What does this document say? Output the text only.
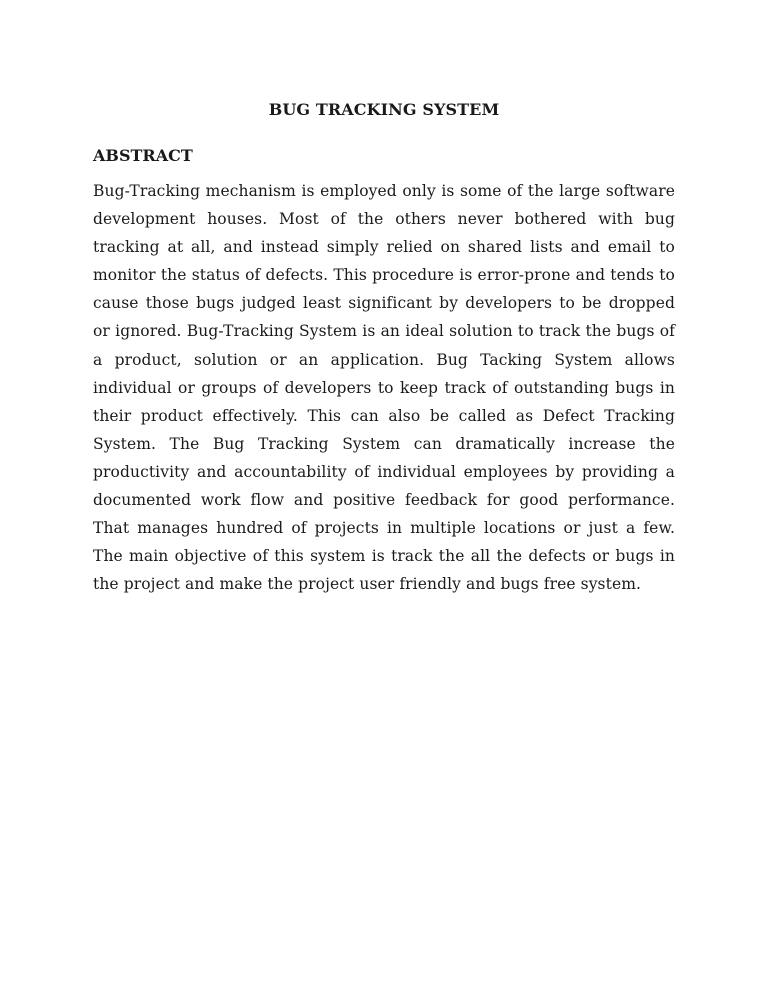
BUG TRACKING SYSTEM
ABSTRACT

Bug-Tracking mechanism is employed only is some of the large software development houses. Most of the others never bothered with bug tracking at all, and instead simply relied on shared lists and email to monitor the status of defects. This procedure is error-prone and tends to cause those bugs judged least significant by developers to be dropped or ignored. Bug-Tracking System is an ideal solution to track the bugs of a product, solution or an application. Bug Tacking System allows individual or groups of developers to keep track of outstanding bugs in their product effectively. This can also be called as Defect Tracking System. The Bug Tracking System can dramatically increase the productivity and accountability of individual employees by providing a documented work flow and positive feedback for good performance. That manages hundred of projects in multiple locations or just a few. The main objective of this system is track the all the defects or bugs in the project and make the project user friendly and bugs free system.
